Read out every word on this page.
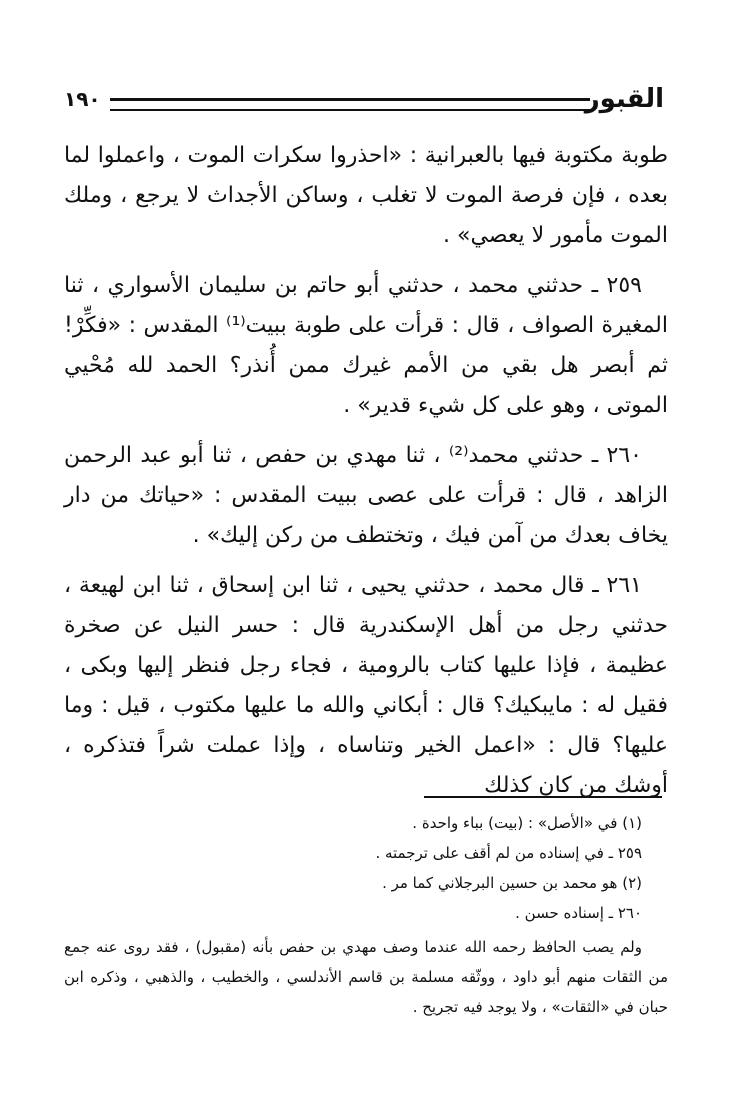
القبور
١٩٠

طوبة مكتوبة فيها بالعبرانية : «احذروا سكرات الموت ، واعملوا لما بعده ، فإن فرصة الموت لا تغلب ، وساكن الأجداث لا يرجع ، وملك الموت مأمور لا يعصي» .

٢٥٩ ـ حدثني محمد ، حدثني أبو حاتم بن سليمان الأسواري ، ثنا المغيرة الصواف ، قال : قرأت على طوبة ببيت⁽¹⁾ المقدس : «فكِّرْ! ثم أبصر هل بقي من الأمم غيرك ممن أُنذر؟ الحمد لله مُحْيي الموتى ، وهو على كل شيء قدير» .

٢٦٠ ـ حدثني محمد⁽²⁾ ، ثنا مهدي بن حفص ، ثنا أبو عبد الرحمن الزاهد ، قال : قرأت على عصى ببيت المقدس : «حياتك من دار يخاف بعدك من آمن فيك ، وتختطف من ركن إليك» .

٢٦١ ـ قال محمد ، حدثني يحيى ، ثنا ابن إسحاق ، ثنا ابن لهيعة ، حدثني رجل من أهل الإسكندرية قال : حسر النيل عن صخرة عظيمة ، فإذا عليها كتاب بالرومية ، فجاء رجل فنظر إليها وبكى ، فقيل له : مايبكيك؟ قال : أبكاني والله ما عليها مكتوب ، قيل : وما عليها؟ قال : «اعمل الخير وتناساه ، وإذا عملت شراً فتذكره ، أوشك من كان كذلك

(١) في «الأصل» : (بيت) بباء واحدة .

٢٥٩ ـ في إسناده من لم أقف على ترجمته .

(٢) هو محمد بن حسين البرجلاني كما مر .

٢٦٠ ـ إسناده حسن .

ولم يصب الحافظ رحمه الله عندما وصف مهدي بن حفص بأنه (مقبول) ، فقد روى عنه جمع من الثقات منهم أبو داود ، ووثّقه مسلمة بن قاسم الأندلسي ، والخطيب ، والذهبي ، وذكره ابن حبان في «الثقات» ، ولا يوجد فيه تجريح .
